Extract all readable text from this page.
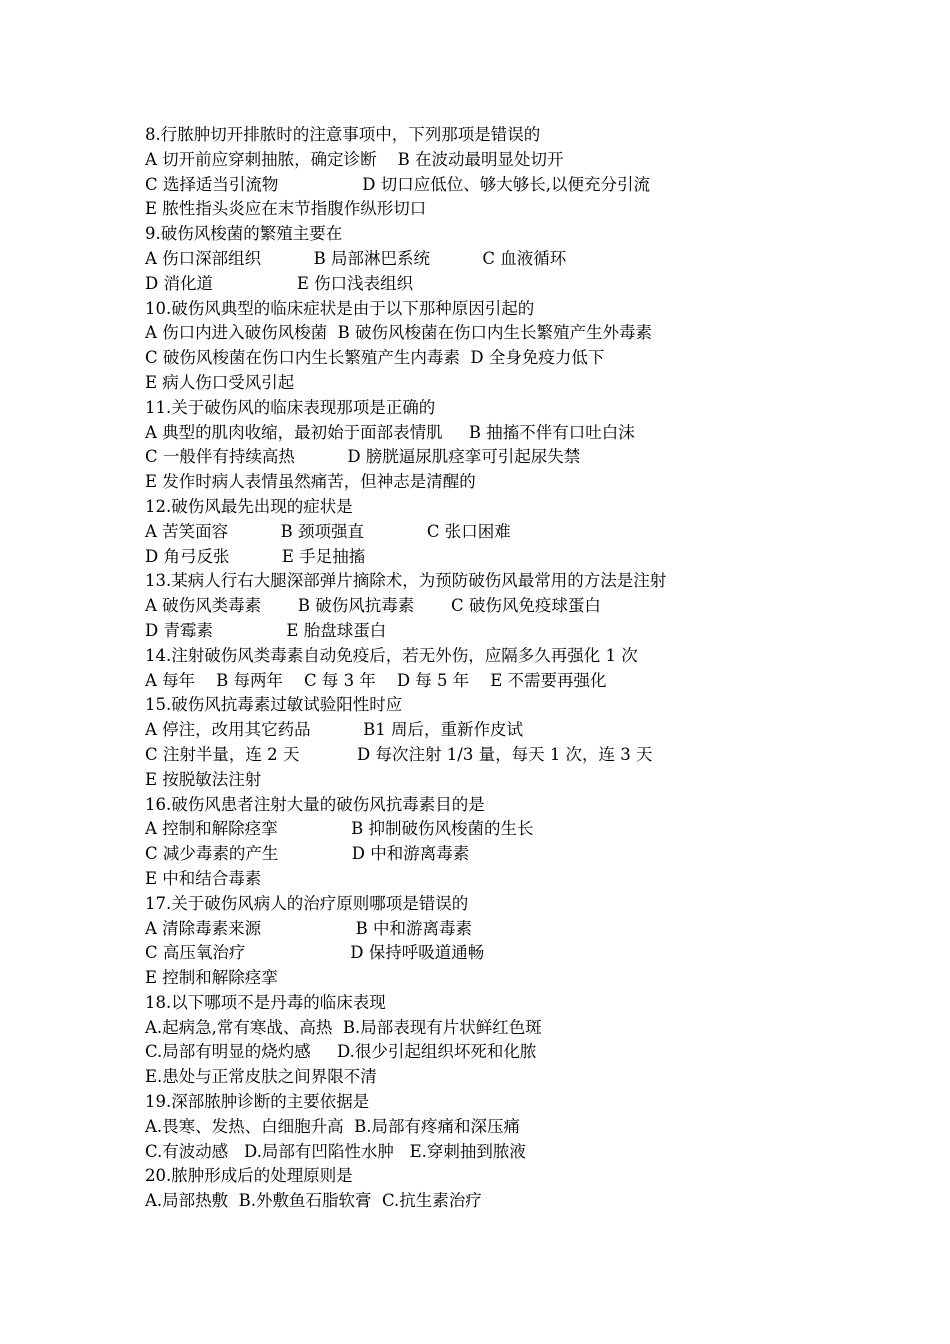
8.行脓肿切开排脓时的注意事项中，下列那项是错误的
A 切开前应穿刺抽脓，确定诊断    B 在波动最明显处切开
C 选择适当引流物                D 切口应低位、够大够长,以便充分引流
E 脓性指头炎应在末节指腹作纵形切口
9.破伤风梭菌的繁殖主要在
A 伤口深部组织          B 局部淋巴系统          C 血液循环
D 消化道                E 伤口浅表组织
10.破伤风典型的临床症状是由于以下那种原因引起的
A 伤口内进入破伤风梭菌  B 破伤风梭菌在伤口内生长繁殖产生外毒素
C 破伤风梭菌在伤口内生长繁殖产生内毒素  D 全身免疫力低下
E 病人伤口受风引起
11.关于破伤风的临床表现那项是正确的
A 典型的肌肉收缩，最初始于面部表情肌     B 抽搐不伴有口吐白沫
C 一般伴有持续高热          D 膀胱逼尿肌痉挛可引起尿失禁
E 发作时病人表情虽然痛苦，但神志是清醒的
12.破伤风最先出现的症状是
A 苦笑面容          B 颈项强直            C 张口困难
D 角弓反张          E 手足抽搐
13.某病人行右大腿深部弹片摘除术，为预防破伤风最常用的方法是注射
A 破伤风类毒素       B 破伤风抗毒素       C 破伤风免疫球蛋白
D 青霉素              E 胎盘球蛋白
14.注射破伤风类毒素自动免疫后，若无外伤，应隔多久再强化 1 次
A 每年    B 每两年    C 每 3 年    D 每 5 年    E 不需要再强化
15.破伤风抗毒素过敏试验阳性时应
A 停注，改用其它药品          B1 周后，重新作皮试
C 注射半量，连 2 天           D 每次注射 1/3 量，每天 1 次，连 3 天
E 按脱敏法注射
16.破伤风患者注射大量的破伤风抗毒素目的是
A 控制和解除痉挛              B 抑制破伤风梭菌的生长
C 减少毒素的产生              D 中和游离毒素
E 中和结合毒素
17.关于破伤风病人的治疗原则哪项是错误的
A 清除毒素来源                  B 中和游离毒素
C 高压氧治疗                    D 保持呼吸道通畅
E 控制和解除痉挛
18.以下哪项不是丹毒的临床表现
A.起病急,常有寒战、高热  B.局部表现有片状鲜红色斑
C.局部有明显的烧灼感     D.很少引起组织坏死和化脓
E.患处与正常皮肤之间界限不清
19.深部脓肿诊断的主要依据是
A.畏寒、发热、白细胞升高  B.局部有疼痛和深压痛
C.有波动感   D.局部有凹陷性水肿   E.穿刺抽到脓液
20.脓肿形成后的处理原则是
A.局部热敷  B.外敷鱼石脂软膏  C.抗生素治疗
